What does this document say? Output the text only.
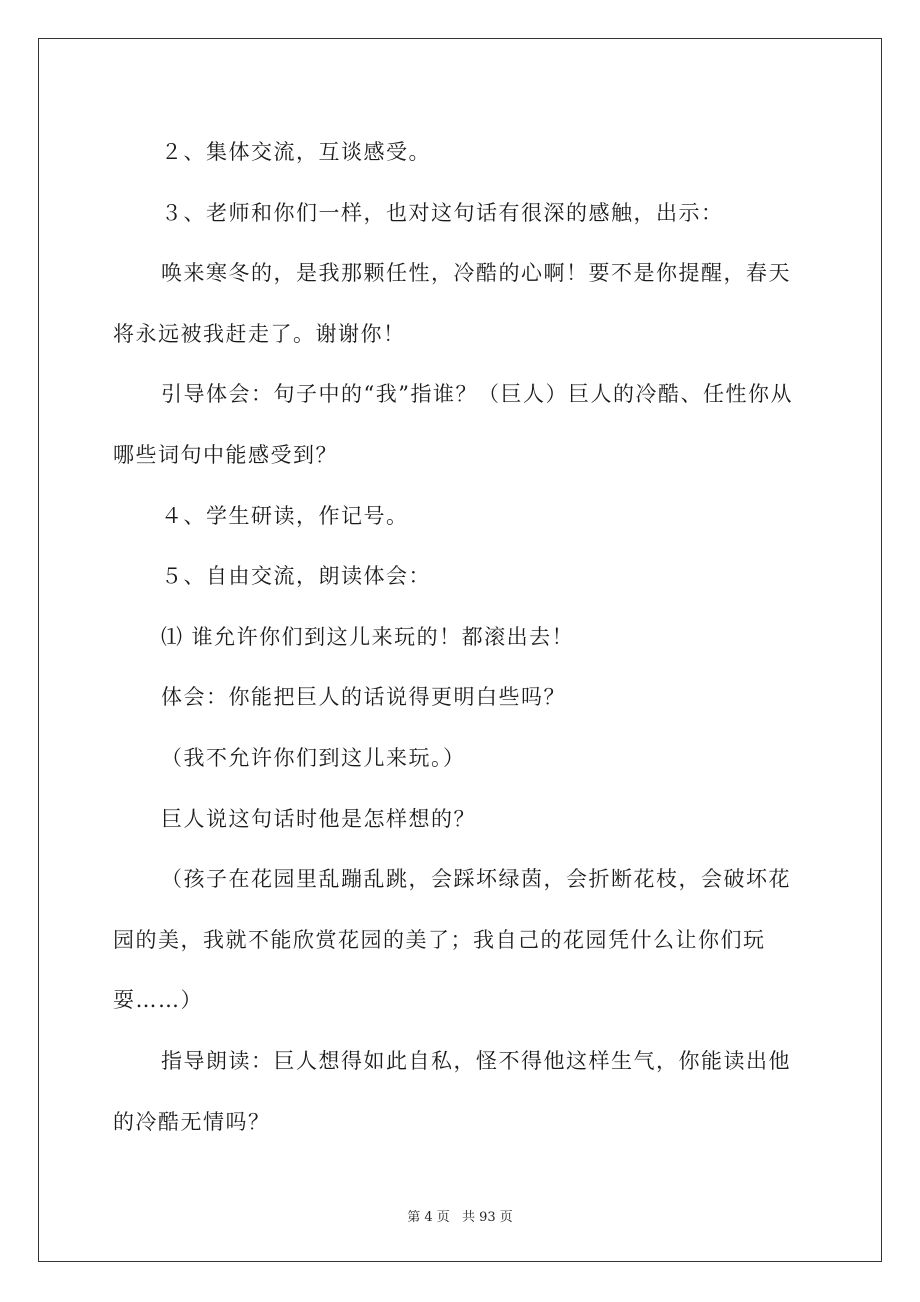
２、集体交流，互谈感受。

３、老师和你们一样，也对这句话有很深的感触，出示：

唤来寒冬的，是我那颗任性，冷酷的心啊！要不是你提醒，春天将永远被我赶走了。谢谢你！

引导体会：句子中的“我”指谁？（巨人）巨人的冷酷、任性你从哪些词句中能感受到？

４、学生研读，作记号。

５、自由交流，朗读体会：

⑴ 谁允许你们到这儿来玩的！都滚出去！

体会：你能把巨人的话说得更明白些吗？

（我不允许你们到这儿来玩。）

巨人说这句话时他是怎样想的？

（孩子在花园里乱蹦乱跳，会踩坏绿茵，会折断花枝，会破坏花园的美，我就不能欣赏花园的美了；我自己的花园凭什么让你们玩耍……）

指导朗读：巨人想得如此自私，怪不得他这样生气，你能读出他的冷酷无情吗？

第 4 页 共 93 页
